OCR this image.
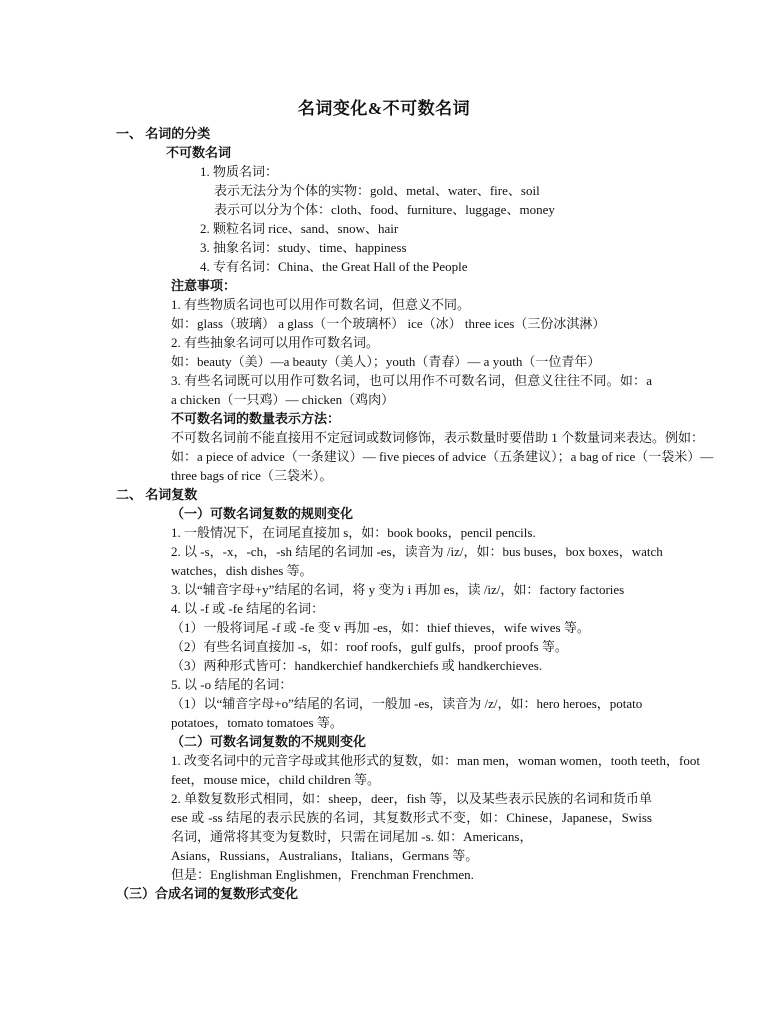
名词变化&不可数名词
一、 名词的分类
不可数名词
1. 物质名词：
表示无法分为个体的实物：gold、metal、water、fire、soil
表示可以分为个体：cloth、food、furniture、luggage、money
2. 颗粒名词 rice、sand、snow、hair
3. 抽象名词：study、time、happiness
4. 专有名词：China、the Great Hall of the People
注意事项：
1. 有些物质名词也可以用作可数名词，但意义不同。
如：glass（玻璃） a glass（一个玻璃杯） ice（冰） three ices（三份冰淇淋）
2. 有些抽象名词可以用作可数名词。
如：beauty（美）—a beauty（美人）；youth（青春）— a youth（一位青年）
3. 有些名词既可以用作可数名词，也可以用作不可数名词，但意义往往不同。如：a
a chicken（一只鸡）— chicken（鸡肉）
不可数名词的数量表示方法：
不可数名词前不能直接用不定冠词或数词修饰，表示数量时要借助 1 个数量词来表达。例如：
如：a piece of advice（一条建议）— five pieces of advice（五条建议）；a bag of rice（一袋米）—
three bags of rice（三袋米）。
二、 名词复数
（一）可数名词复数的规则变化
1. 一般情况下，在词尾直接加 s，如：book books，pencil pencils.
2. 以 -s，-x，-ch，-sh 结尾的名词加 -es，读音为 /iz/，如：bus buses，box boxes，watch
watches，dish dishes 等。
3. 以“辅音字母+y”结尾的名词，将 y 变为 i 再加 es，读 /iz/，如：factory factories
4. 以 -f 或 -fe 结尾的名词：
（1）一般将词尾 -f 或 -fe 变 v 再加 -es，如：thief thieves，wife wives 等。
（2）有些名词直接加 -s，如：roof roofs，gulf gulfs，proof proofs 等。
（3）两种形式皆可：handkerchief handkerchiefs 或 handkerchieves.
5. 以 -o 结尾的名词：
（1）以“辅音字母+o”结尾的名词，一般加 -es，读音为 /z/，如：hero heroes，potato
potatoes，tomato tomatoes 等。
（二）可数名词复数的不规则变化
1. 改变名词中的元音字母或其他形式的复数，如：man men，woman women，tooth teeth，foot
feet，mouse mice，child children 等。
2. 单数复数形式相同，如：sheep，deer，fish 等，以及某些表示民族的名词和货币单
ese 或 -ss 结尾的表示民族的名词，其复数形式不变，如：Chinese，Japanese，Swiss
名词，通常将其变为复数时，只需在词尾加 -s. 如：Americans，
Asians，Russians，Australians，Italians，Germans 等。
但是：Englishman Englishmen，Frenchman Frenchmen.
（三）合成名词的复数形式变化
